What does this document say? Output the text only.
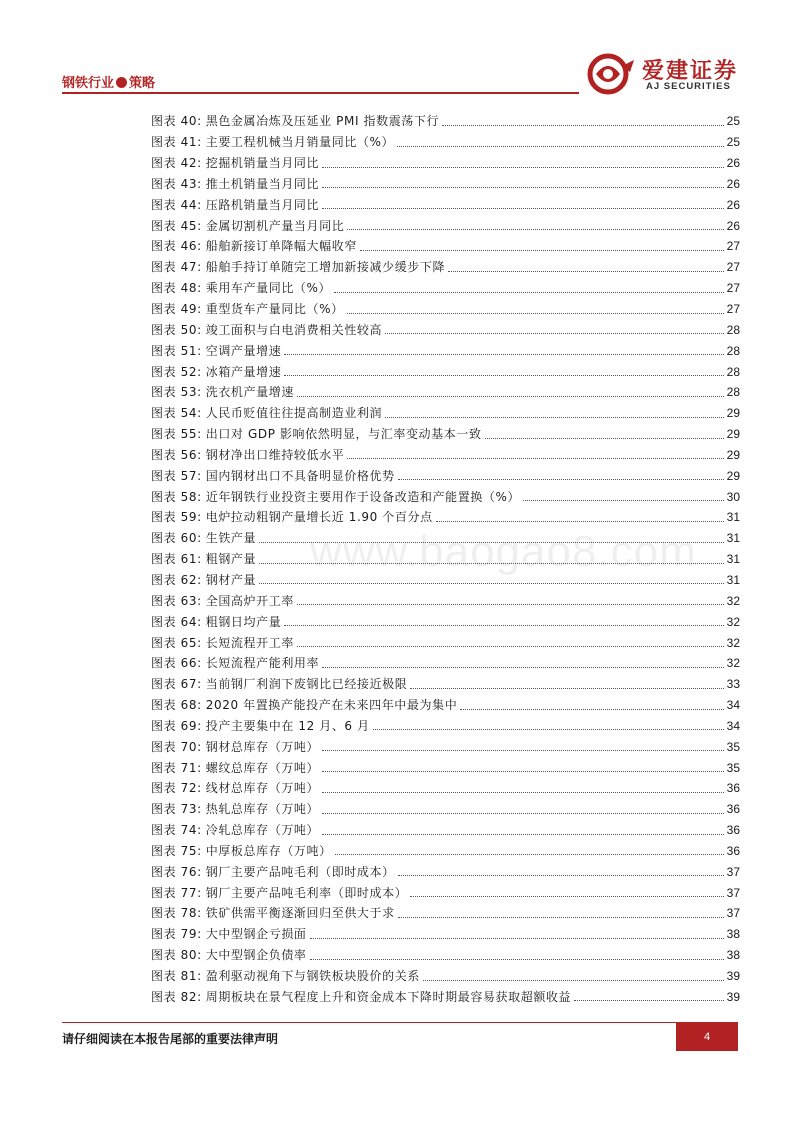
钢铁行业 策略	爱建证券
AJ SECURITIES
www.baogao8.com
图表 40: 黑色金属冶炼及压延业 PMI 指数震荡下行	25
图表 41: 主要工程机械当月销量同比（%）	25
图表 42: 挖掘机销量当月同比	26
图表 43: 推土机销量当月同比	26
图表 44: 压路机销量当月同比	26
图表 45: 金属切割机产量当月同比	26
图表 46: 船舶新接订单降幅大幅收窄	27
图表 47: 船舶手持订单随完工增加新接减少缓步下降	27
图表 48: 乘用车产量同比（%）	27
图表 49: 重型货车产量同比（%）	27
图表 50: 竣工面积与白电消费相关性较高	28
图表 51: 空调产量增速	28
图表 52: 冰箱产量增速	28
图表 53: 洗衣机产量增速	28
图表 54: 人民币贬值往往提高制造业利润	29
图表 55: 出口对 GDP 影响依然明显，与汇率变动基本一致	29
图表 56: 钢材净出口维持较低水平	29
图表 57: 国内钢材出口不具备明显价格优势	29
图表 58: 近年钢铁行业投资主要用作于设备改造和产能置换（%）	30
图表 59: 电炉拉动粗钢产量增长近 1.90 个百分点	31
图表 60: 生铁产量	31
图表 61: 粗钢产量	31
图表 62: 钢材产量	31
图表 63: 全国高炉开工率	32
图表 64: 粗钢日均产量	32
图表 65: 长短流程开工率	32
图表 66: 长短流程产能利用率	32
图表 67: 当前钢厂利润下废钢比已经接近极限	33
图表 68: 2020 年置换产能投产在未来四年中最为集中	34
图表 69: 投产主要集中在 12 月、6 月	34
图表 70: 钢材总库存（万吨）	35
图表 71: 螺纹总库存（万吨）	35
图表 72: 线材总库存（万吨）	36
图表 73: 热轧总库存（万吨）	36
图表 74: 冷轧总库存（万吨）	36
图表 75: 中厚板总库存（万吨）	36
图表 76: 钢厂主要产品吨毛利（即时成本）	37
图表 77: 钢厂主要产品吨毛利率（即时成本）	37
图表 78: 铁矿供需平衡逐渐回归至供大于求	37
图表 79: 大中型钢企亏损面	38
图表 80: 大中型钢企负债率	38
图表 81: 盈利驱动视角下与钢铁板块股价的关系	39
图表 82: 周期板块在景气程度上升和资金成本下降时期最容易获取超额收益	39
请仔细阅读在本报告尾部的重要法律声明	4
